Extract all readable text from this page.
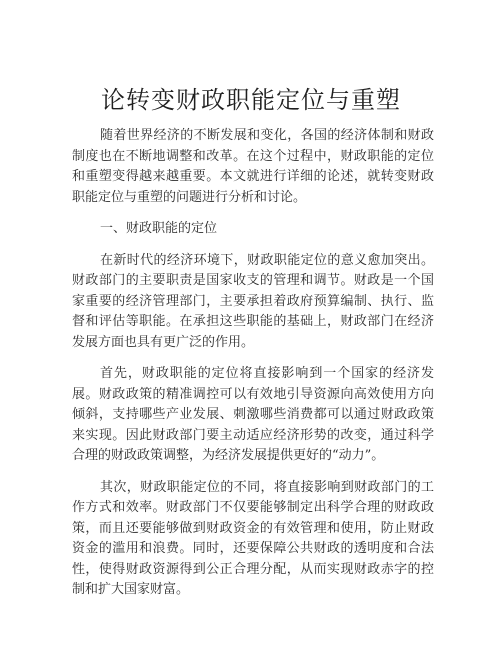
论转变财政职能定位与重塑

随着世界经济的不断发展和变化，各国的经济体制和财政制度也在不断地调整和改革。在这个过程中，财政职能的定位和重塑变得越来越重要。本文就进行详细的论述，就转变财政职能定位与重塑的问题进行分析和讨论。

一、财政职能的定位

在新时代的经济环境下，财政职能定位的意义愈加突出。财政部门的主要职责是国家收支的管理和调节。财政是一个国家重要的经济管理部门，主要承担着政府预算编制、执行、监督和评估等职能。在承担这些职能的基础上，财政部门在经济发展方面也具有更广泛的作用。

首先，财政职能的定位将直接影响到一个国家的经济发展。财政政策的精准调控可以有效地引导资源向高效使用方向倾斜，支持哪些产业发展、刺激哪些消费都可以通过财政政策来实现。因此财政部门要主动适应经济形势的改变，通过科学合理的财政政策调整，为经济发展提供更好的“动力”。

其次，财政职能定位的不同，将直接影响到财政部门的工作方式和效率。财政部门不仅要能够制定出科学合理的财政政策，而且还要能够做到财政资金的有效管理和使用，防止财政资金的滥用和浪费。同时，还要保障公共财政的透明度和合法性，使得财政资源得到公正合理分配，从而实现财政赤字的控制和扩大国家财富。
